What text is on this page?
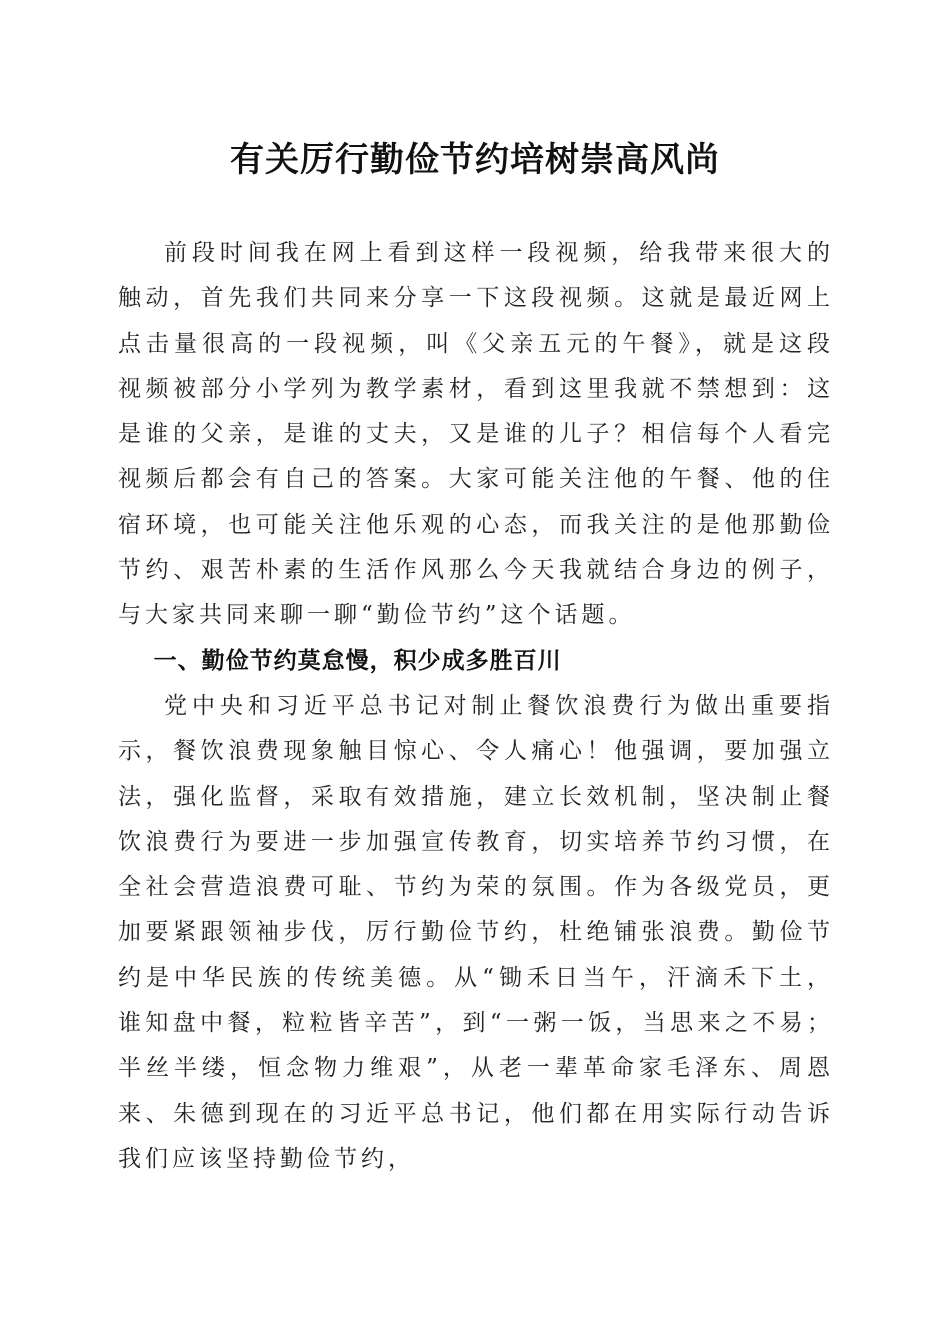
有关厉行勤俭节约培树崇高风尚

前段时间我在网上看到这样一段视频，给我带来很大的触动，首先我们共同来分享一下这段视频。这就是最近网上点击量很高的一段视频，叫《父亲五元的午餐》，就是这段视频被部分小学列为教学素材，看到这里我就不禁想到：这是谁的父亲，是谁的丈夫，又是谁的儿子？相信每个人看完视频后都会有自己的答案。大家可能关注他的午餐、他的住宿环境，也可能关注他乐观的心态，而我关注的是他那勤俭节约、艰苦朴素的生活作风那么今天我就结合身边的例子，与大家共同来聊一聊“勤俭节约”这个话题。

一、勤俭节约莫怠慢，积少成多胜百川

党中央和习近平总书记对制止餐饮浪费行为做出重要指示，餐饮浪费现象触目惊心、令人痛心！他强调，要加强立法，强化监督，采取有效措施，建立长效机制，坚决制止餐饮浪费行为要进一步加强宣传教育，切实培养节约习惯，在全社会营造浪费可耻、节约为荣的氛围。作为各级党员，更加要紧跟领袖步伐，厉行勤俭节约，杜绝铺张浪费。勤俭节约是中华民族的传统美德。从“锄禾日当午，汗滴禾下土，谁知盘中餐，粒粒皆辛苦”，到“一粥一饭，当思来之不易；半丝半缕，恒念物力维艰”，从老一辈革命家毛泽东、周恩来、朱德到现在的习近平总书记，他们都在用实际行动告诉我们应该坚持勤俭节约，
